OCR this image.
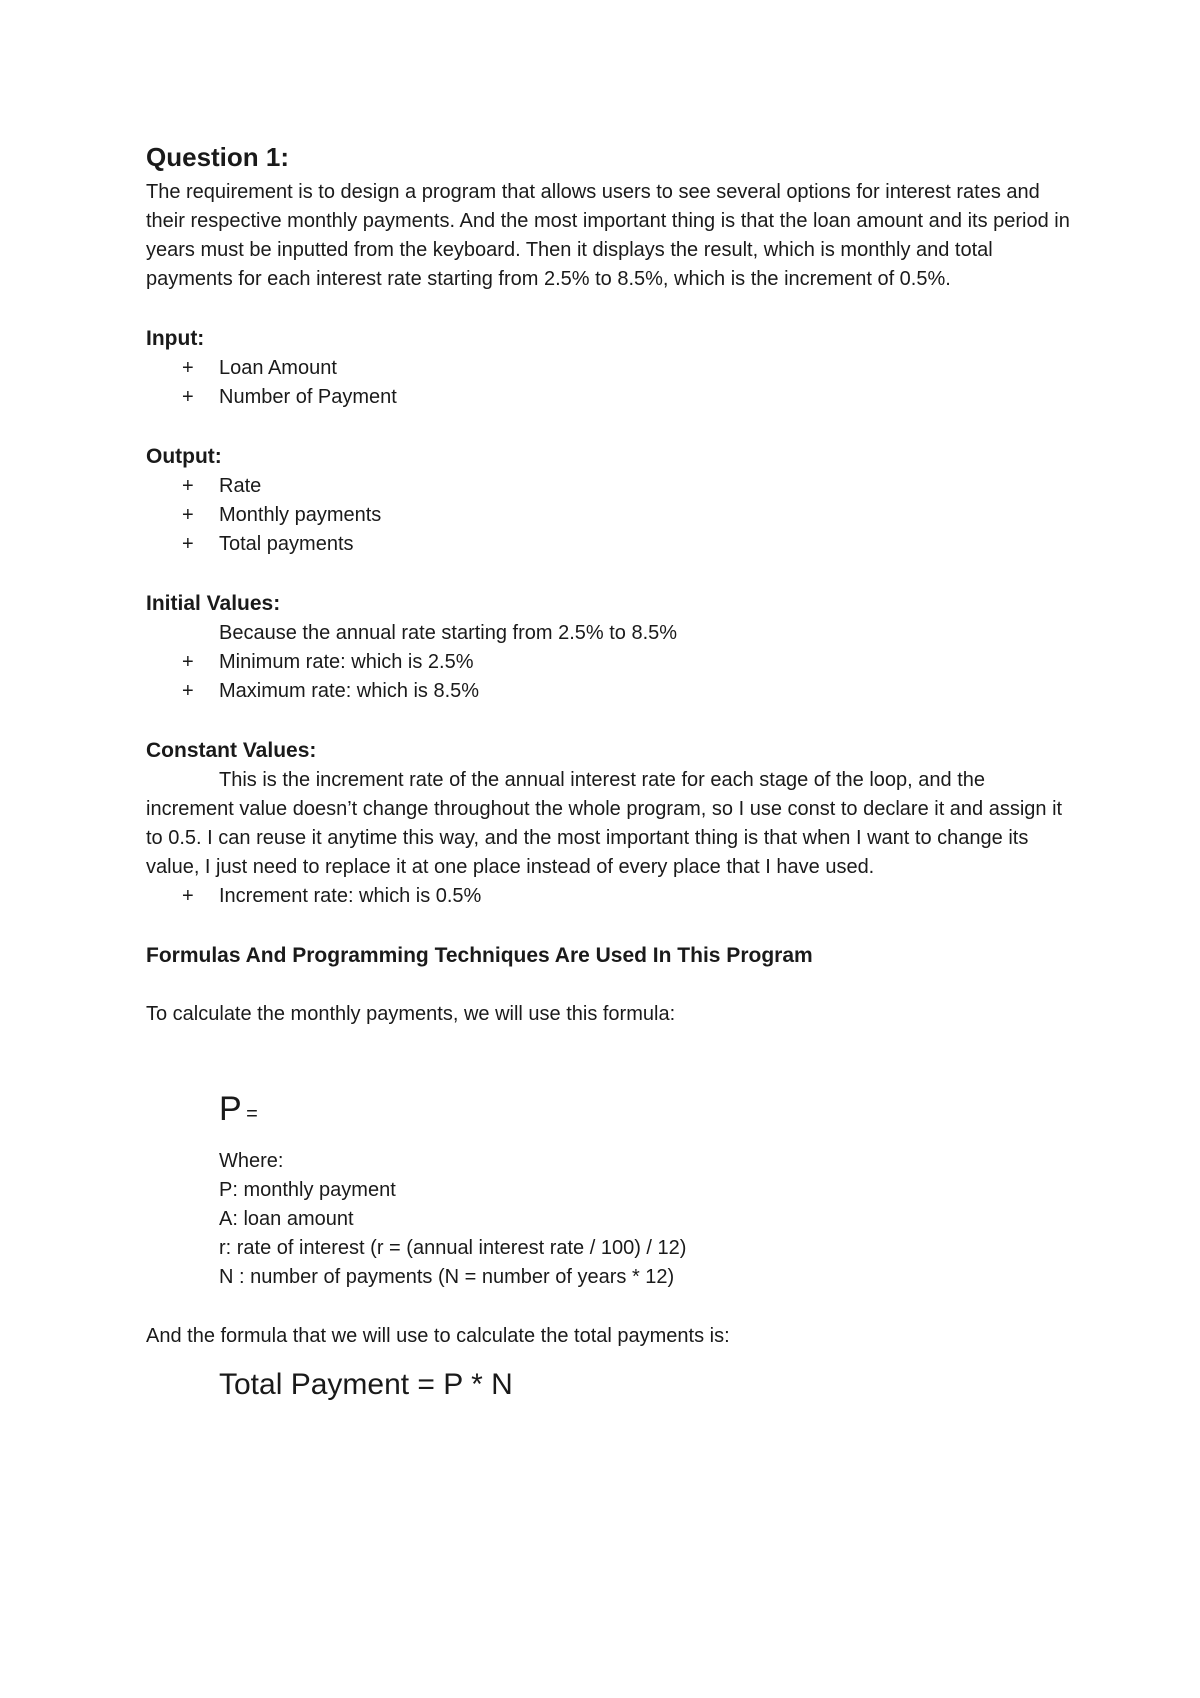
Question 1:

The requirement is to design a program that allows users to see several options for interest rates and their respective monthly payments. And the most important thing is that the loan amount and its period in years must be inputted from the keyboard. Then it displays the result, which is monthly and total payments for each interest rate starting from 2.5% to 8.5%, which is the increment of 0.5%.

Input:
+ Loan Amount
+ Number of Payment
Output:
+ Rate
+ Monthly payments
+ Total payments
Initial Values:

Because the annual rate starting from 2.5% to 8.5%

+ Minimum rate: which is 2.5%
+ Maximum rate: which is 8.5%
Constant Values:

This is the increment rate of the annual interest rate for each stage of the loop, and the increment value doesn’t change throughout the whole program, so I use const to declare it and assign it to 0.5. I can reuse it anytime this way, and the most important thing is that when I want to change its value, I just need to replace it at one place instead of every place that I have used.

+ Increment rate: which is 0.5%
Formulas And Programming Techniques Are Used In This Program

To calculate the monthly payments, we will use this formula:

P =

Where:
P: monthly payment
A: loan amount
r: rate of interest (r = (annual interest rate / 100) / 12)
N : number of payments (N = number of years * 12)

And the formula that we will use to calculate the total payments is:

Total Payment = P * N
